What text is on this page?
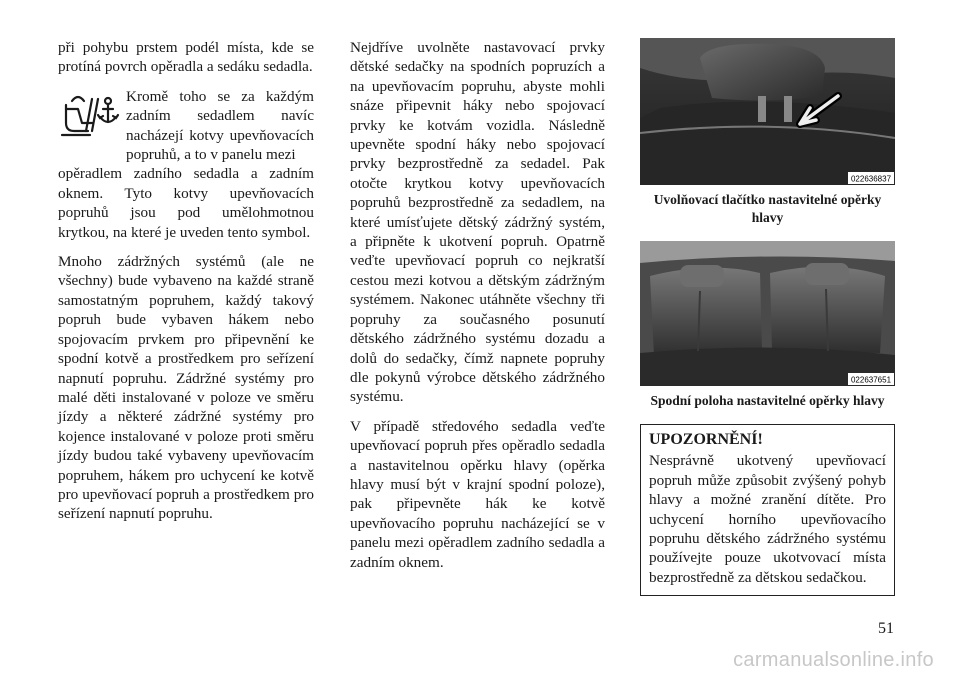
při pohybu prstem podél místa, kde se protíná povrch opěradla a sedáku sedadla.

Kromě toho se za každým zadním sedadlem navíc nacházejí kotvy upevňovacích popruhů, a to v panelu mezi

opěradlem zadního sedadla a zadním oknem. Tyto kotvy upevňovacích popruhů jsou pod umělohmotnou krytkou, na které je uveden tento symbol.

Mnoho zádržných systémů (ale ne všechny) bude vybaveno na každé straně samostatným popruhem, každý takový popruh bude vybaven hákem nebo spojovacím prvkem pro připevnění ke spodní kotvě a prostředkem pro seřízení napnutí popruhu. Zádržné systémy pro malé děti instalované v poloze ve směru jízdy a některé zádržné systémy pro kojence instalované v poloze proti směru jízdy budou také vybaveny upevňovacím popruhem, hákem pro uchycení ke kotvě pro upevňovací popruh a prostředkem pro seřízení napnutí popruhu.

Nejdříve uvolněte nastavovací prvky dětské sedačky na spodních popruzích a na upevňovacím popruhu, abyste mohli snáze připevnit háky nebo spojovací prvky ke kotvám vozidla. Následně upevněte spodní háky nebo spojovací prvky bezprostředně za sedadel. Pak otočte krytkou kotvy upevňovacích popruhů bezprostředně za sedadlem, na které umísťujete dětský zádržný systém, a připněte k ukotvení popruh. Opatrně veďte upevňovací popruh co nejkratší cestou mezi kotvou a dětským zádržným systémem. Nakonec utáhněte všechny tři popruhy za současného posunutí dětského zádržného systému dozadu a dolů do sedačky, čímž napnete popruhy dle pokynů výrobce dětského zádržného systému.

V případě středového sedadla veďte upevňovací popruh přes opěradlo sedadla a nastavitelnou opěrku hlavy (opěrka hlavy musí být v krajní spodní poloze), pak připevněte hák ke kotvě upevňovacího popruhu nacházející se v panelu mezi opěradlem zadního sedadla a zadním oknem.

022636837
Uvolňovací tlačítko nastavitelné opěrky hlavy
022637651
Spodní poloha nastavitelné opěrky hlavy
UPOZORNĚNÍ!
Nesprávně ukotvený upevňovací popruh může způsobit zvýšený pohyb hlavy a možné zranění dítěte. Pro uchycení horního upevňovacího popruhu dětského zádržného systému používejte pouze ukotvovací místa bezprostředně za dětskou sedačkou.
51
carmanualsonline.info
